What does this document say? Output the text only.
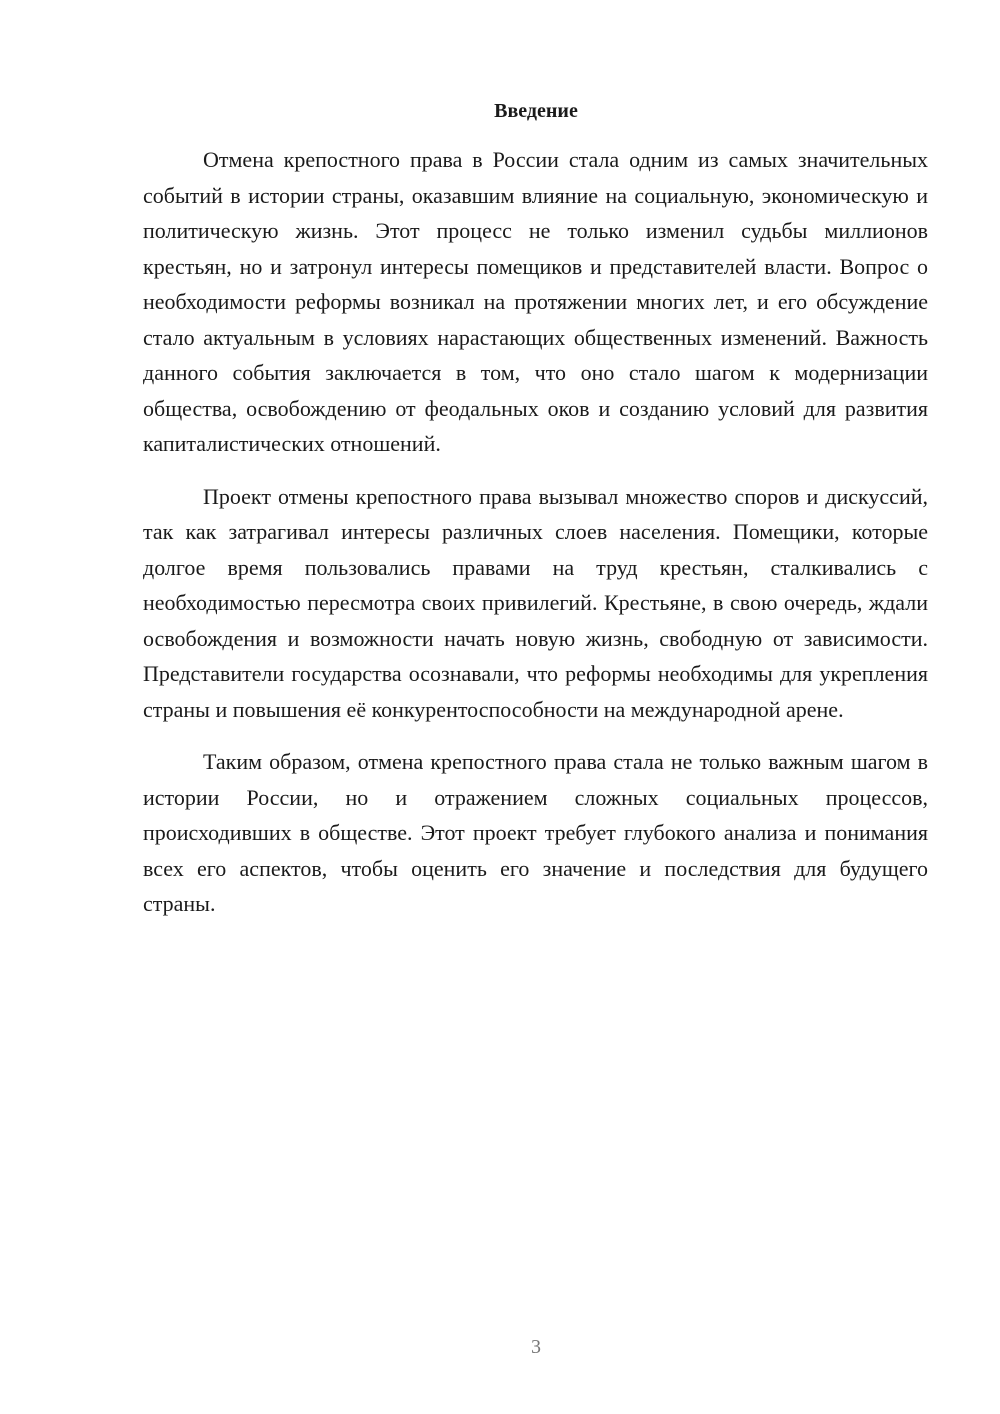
Введение

Отмена крепостного права в России стала одним из самых значительных событий в истории страны, оказавшим влияние на социальную, экономическую и политическую жизнь. Этот процесс не только изменил судьбы миллионов крестьян, но и затронул интересы помещиков и представителей власти. Вопрос о необходимости реформы возникал на протяжении многих лет, и его обсуждение стало актуальным в условиях нарастающих общественных изменений. Важность данного события заключается в том, что оно стало шагом к модернизации общества, освобождению от феодальных оков и созданию условий для развития капиталистических отношений.

Проект отмены крепостного права вызывал множество споров и дискуссий, так как затрагивал интересы различных слоев населения. Помещики, которые долгое время пользовались правами на труд крестьян, сталкивались с необходимостью пересмотра своих привилегий. Крестьяне, в свою очередь, ждали освобождения и возможности начать новую жизнь, свободную от зависимости. Представители государства осознавали, что реформы необходимы для укрепления страны и повышения её конкурентоспособности на международной арене.

Таким образом, отмена крепостного права стала не только важным шагом в истории России, но и отражением сложных социальных процессов, происходивших в обществе. Этот проект требует глубокого анализа и понимания всех его аспектов, чтобы оценить его значение и последствия для будущего страны.

3
